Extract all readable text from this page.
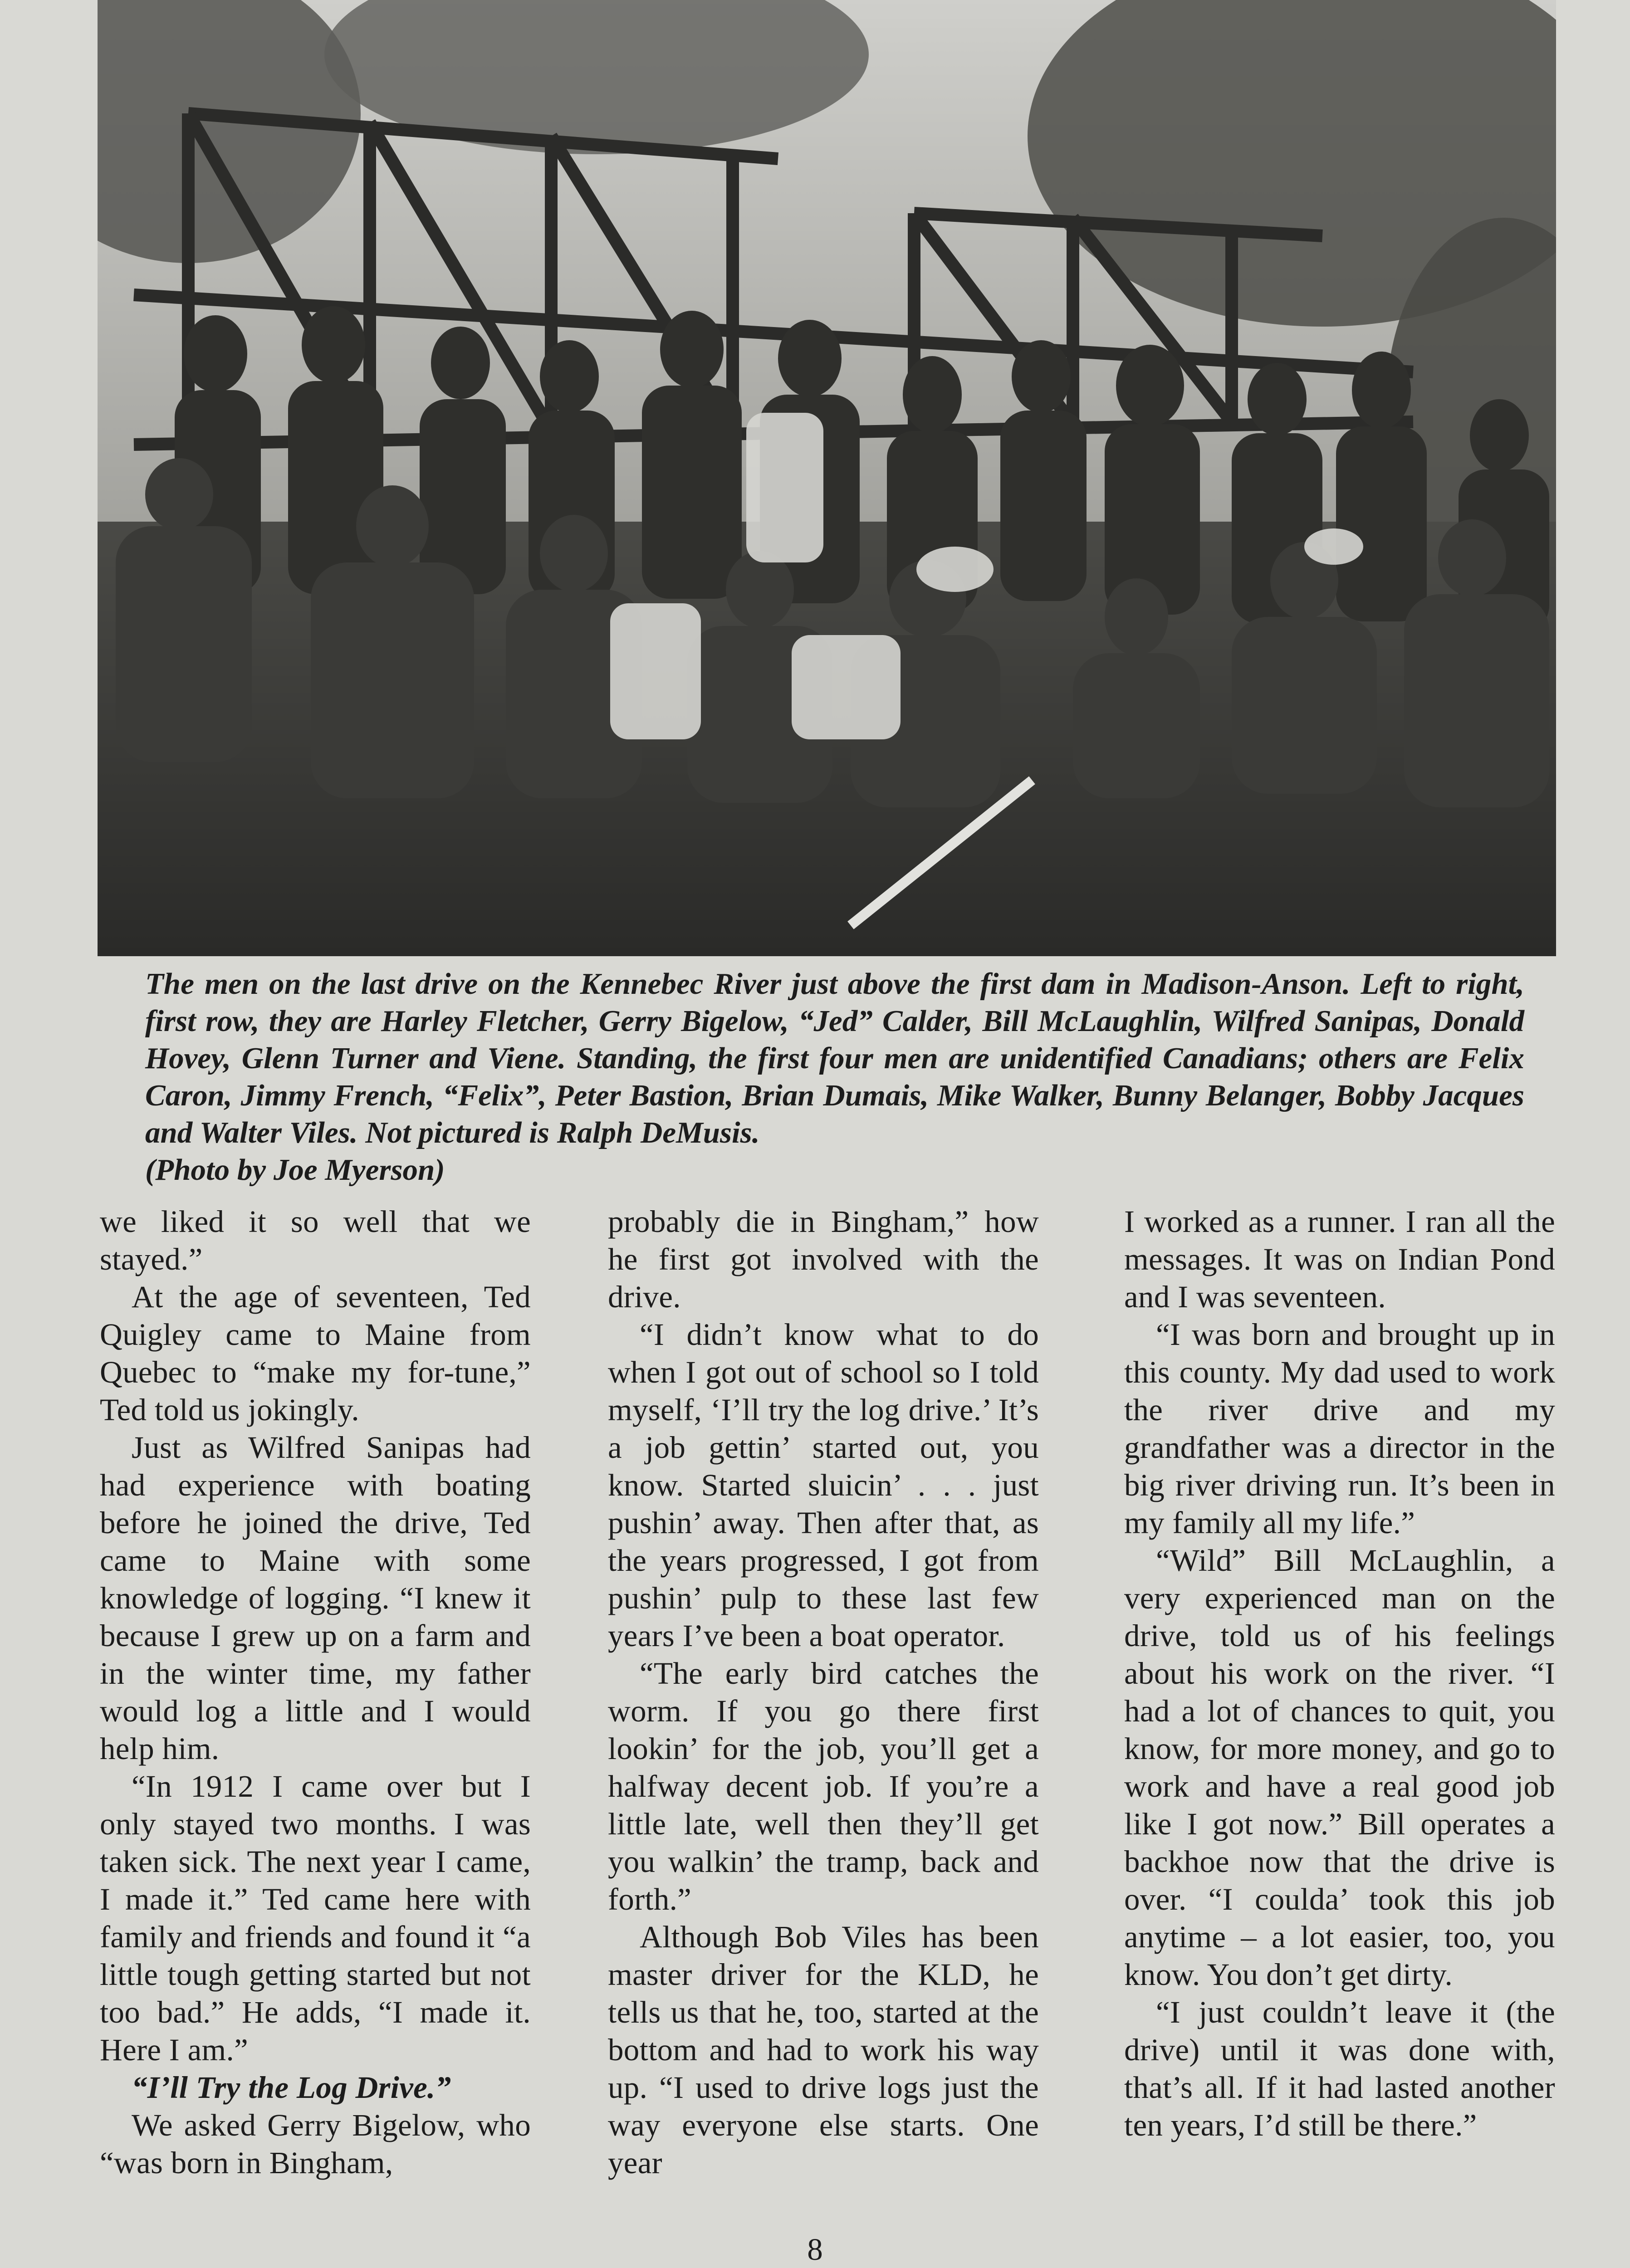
The men on the last drive on the Kennebec River just above the first dam in Madison-Anson. Left to right, first row, they are Harley Fletcher, Gerry Bigelow, “Jed” Calder, Bill McLaughlin, Wilfred Sanipas, Donald Hovey, Glenn Turner and Viene. Standing, the first four men are unidentified Canadians; others are Felix Caron, Jimmy French, “Felix”, Peter Bastion, Brian Dumais, Mike Walker, Bunny Belanger, Bobby Jacques and Walter Viles. Not pictured is Ralph DeMusis.
(Photo by Joe Myerson)

we liked it so well that we stayed.”

At the age of seventeen, Ted Quigley came to Maine from Quebec to “make my for-tune,” Ted told us jokingly.

Just as Wilfred Sanipas had had experience with boating before he joined the drive, Ted came to Maine with some knowledge of logging. “I knew it because I grew up on a farm and in the winter time, my father would log a little and I would help him.

“In 1912 I came over but I only stayed two months. I was taken sick. The next year I came, I made it.” Ted came here with family and friends and found it “a little tough getting started but not too bad.” He adds, “I made it. Here I am.”

“I’ll Try the Log Drive.”

We asked Gerry Bigelow, who “was born in Bingham,

probably die in Bingham,” how he first got involved with the drive.

“I didn’t know what to do when I got out of school so I told myself, ‘I’ll try the log drive.’ It’s a job gettin’ started out, you know. Started sluicin’ . . . just pushin’ away. Then after that, as the years progressed, I got from pushin’ pulp to these last few years I’ve been a boat operator.

“The early bird catches the worm. If you go there first lookin’ for the job, you’ll get a halfway decent job. If you’re a little late, well then they’ll get you walkin’ the tramp, back and forth.”

Although Bob Viles has been master driver for the KLD, he tells us that he, too, started at the bottom and had to work his way up. “I used to drive logs just the way everyone else starts. One year

I worked as a runner. I ran all the messages. It was on Indian Pond and I was seventeen.

“I was born and brought up in this county. My dad used to work the river drive and my grandfather was a director in the big river driving run. It’s been in my family all my life.”

“Wild” Bill McLaughlin, a very experienced man on the drive, told us of his feelings about his work on the river. “I had a lot of chances to quit, you know, for more money, and go to work and have a real good job like I got now.” Bill operates a backhoe now that the drive is over. “I coulda’ took this job anytime – a lot easier, too, you know. You don’t get dirty.

“I just couldn’t leave it (the drive) until it was done with, that’s all. If it had lasted another ten years, I’d still be there.”

8
